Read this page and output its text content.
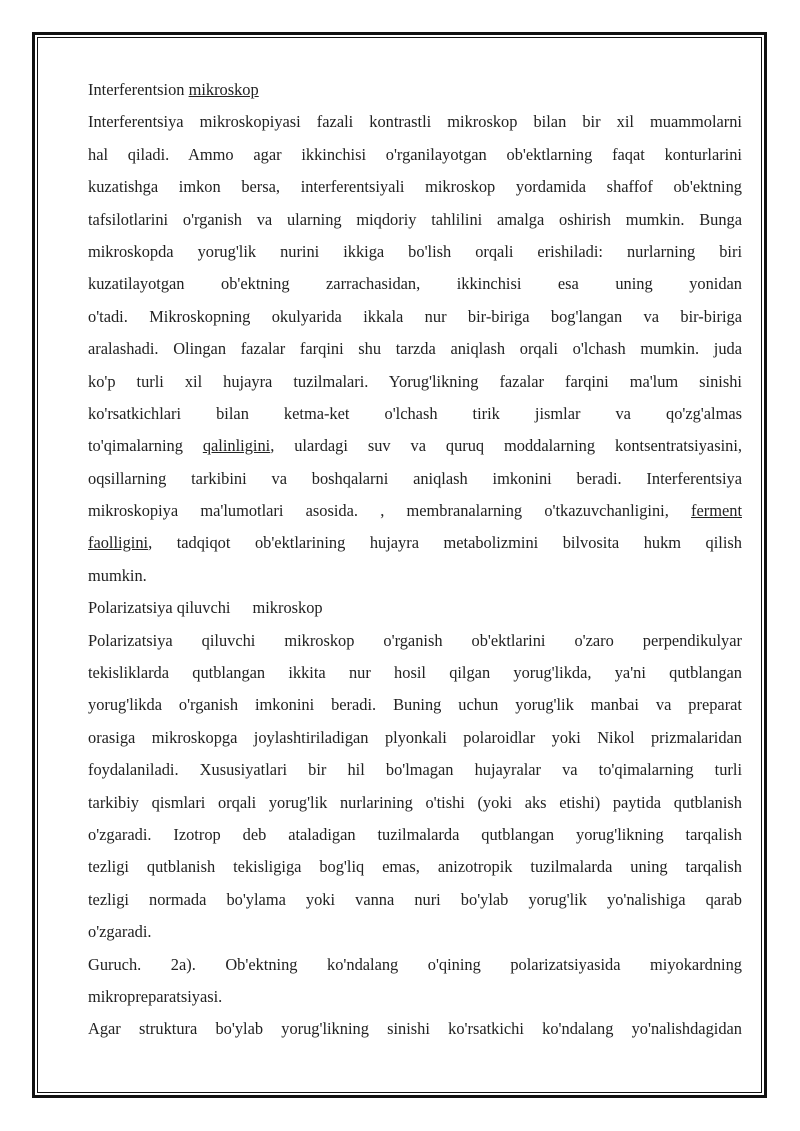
Interferentsion mikroskop
Interferentsiya mikroskopiyasi fazali kontrastli mikroskop bilan bir xil muammolarni
hal qiladi. Ammo agar ikkinchisi o'rganilayotgan ob'ektlarning faqat konturlarini
kuzatishga imkon bersa, interferentsiyali mikroskop yordamida shaffof ob'ektning
tafsilotlarini o'rganish va ularning miqdoriy tahlilini amalga oshirish mumkin. Bunga
mikroskopda yorug'lik nurini ikkiga bo'lish orqali erishiladi: nurlarning biri
kuzatilayotgan ob'ektning zarrachasidan, ikkinchisi esa uning yonidan
o'tadi. Mikroskopning okulyarida ikkala nur bir-biriga bog'langan va bir-biriga
aralashadi. Olingan fazalar farqini shu tarzda aniqlash orqali o'lchash mumkin. juda
ko'p turli xil hujayra tuzilmalari. Yorug'likning fazalar farqini ma'lum sinishi
ko'rsatkichlari bilan ketma-ket o'lchash tirik jismlar va qo'zg'almas
to'qimalarning qalinligini, ulardagi suv va quruq moddalarning kontsentratsiyasini,
oqsillarning tarkibini va boshqalarni aniqlash imkonini beradi. Interferentsiya
mikroskopiya ma'lumotlari asosida. , membranalarning o'tkazuvchanligini, ferment
faolligini, tadqiqot ob'ektlarining hujayra metabolizmini bilvosita hukm qilish
mumkin.
Polarizatsiya qiluvchi mikroskop
Polarizatsiya qiluvchi mikroskop o'rganish ob'ektlarini o'zaro perpendikulyar
tekisliklarda qutblangan ikkita nur hosil qilgan yorug'likda, ya'ni qutblangan
yorug'likda o'rganish imkonini beradi. Buning uchun yorug'lik manbai va preparat
orasiga mikroskopga joylashtiriladigan plyonkali polaroidlar yoki Nikol prizmalaridan
foydalaniladi. Xususiyatlari bir hil bo'lmagan hujayralar va to'qimalarning turli
tarkibiy qismlari orqali yorug'lik nurlarining o'tishi (yoki aks etishi) paytida qutblanish
o'zgaradi. Izotrop deb ataladigan tuzilmalarda qutblangan yorug'likning tarqalish
tezligi qutblanish tekisligiga bog'liq emas, anizotropik tuzilmalarda uning tarqalish
tezligi normada bo'ylama yoki vanna nuri bo'ylab yorug'lik yo'nalishiga qarab
o'zgaradi.
Guruch. 2a). Ob'ektning ko'ndalang o'qining polarizatsiyasida miyokardning
mikropreparatsiyasi.
Agar struktura bo'ylab yorug'likning sinishi ko'rsatkichi ko'ndalang yo'nalishdagidan
